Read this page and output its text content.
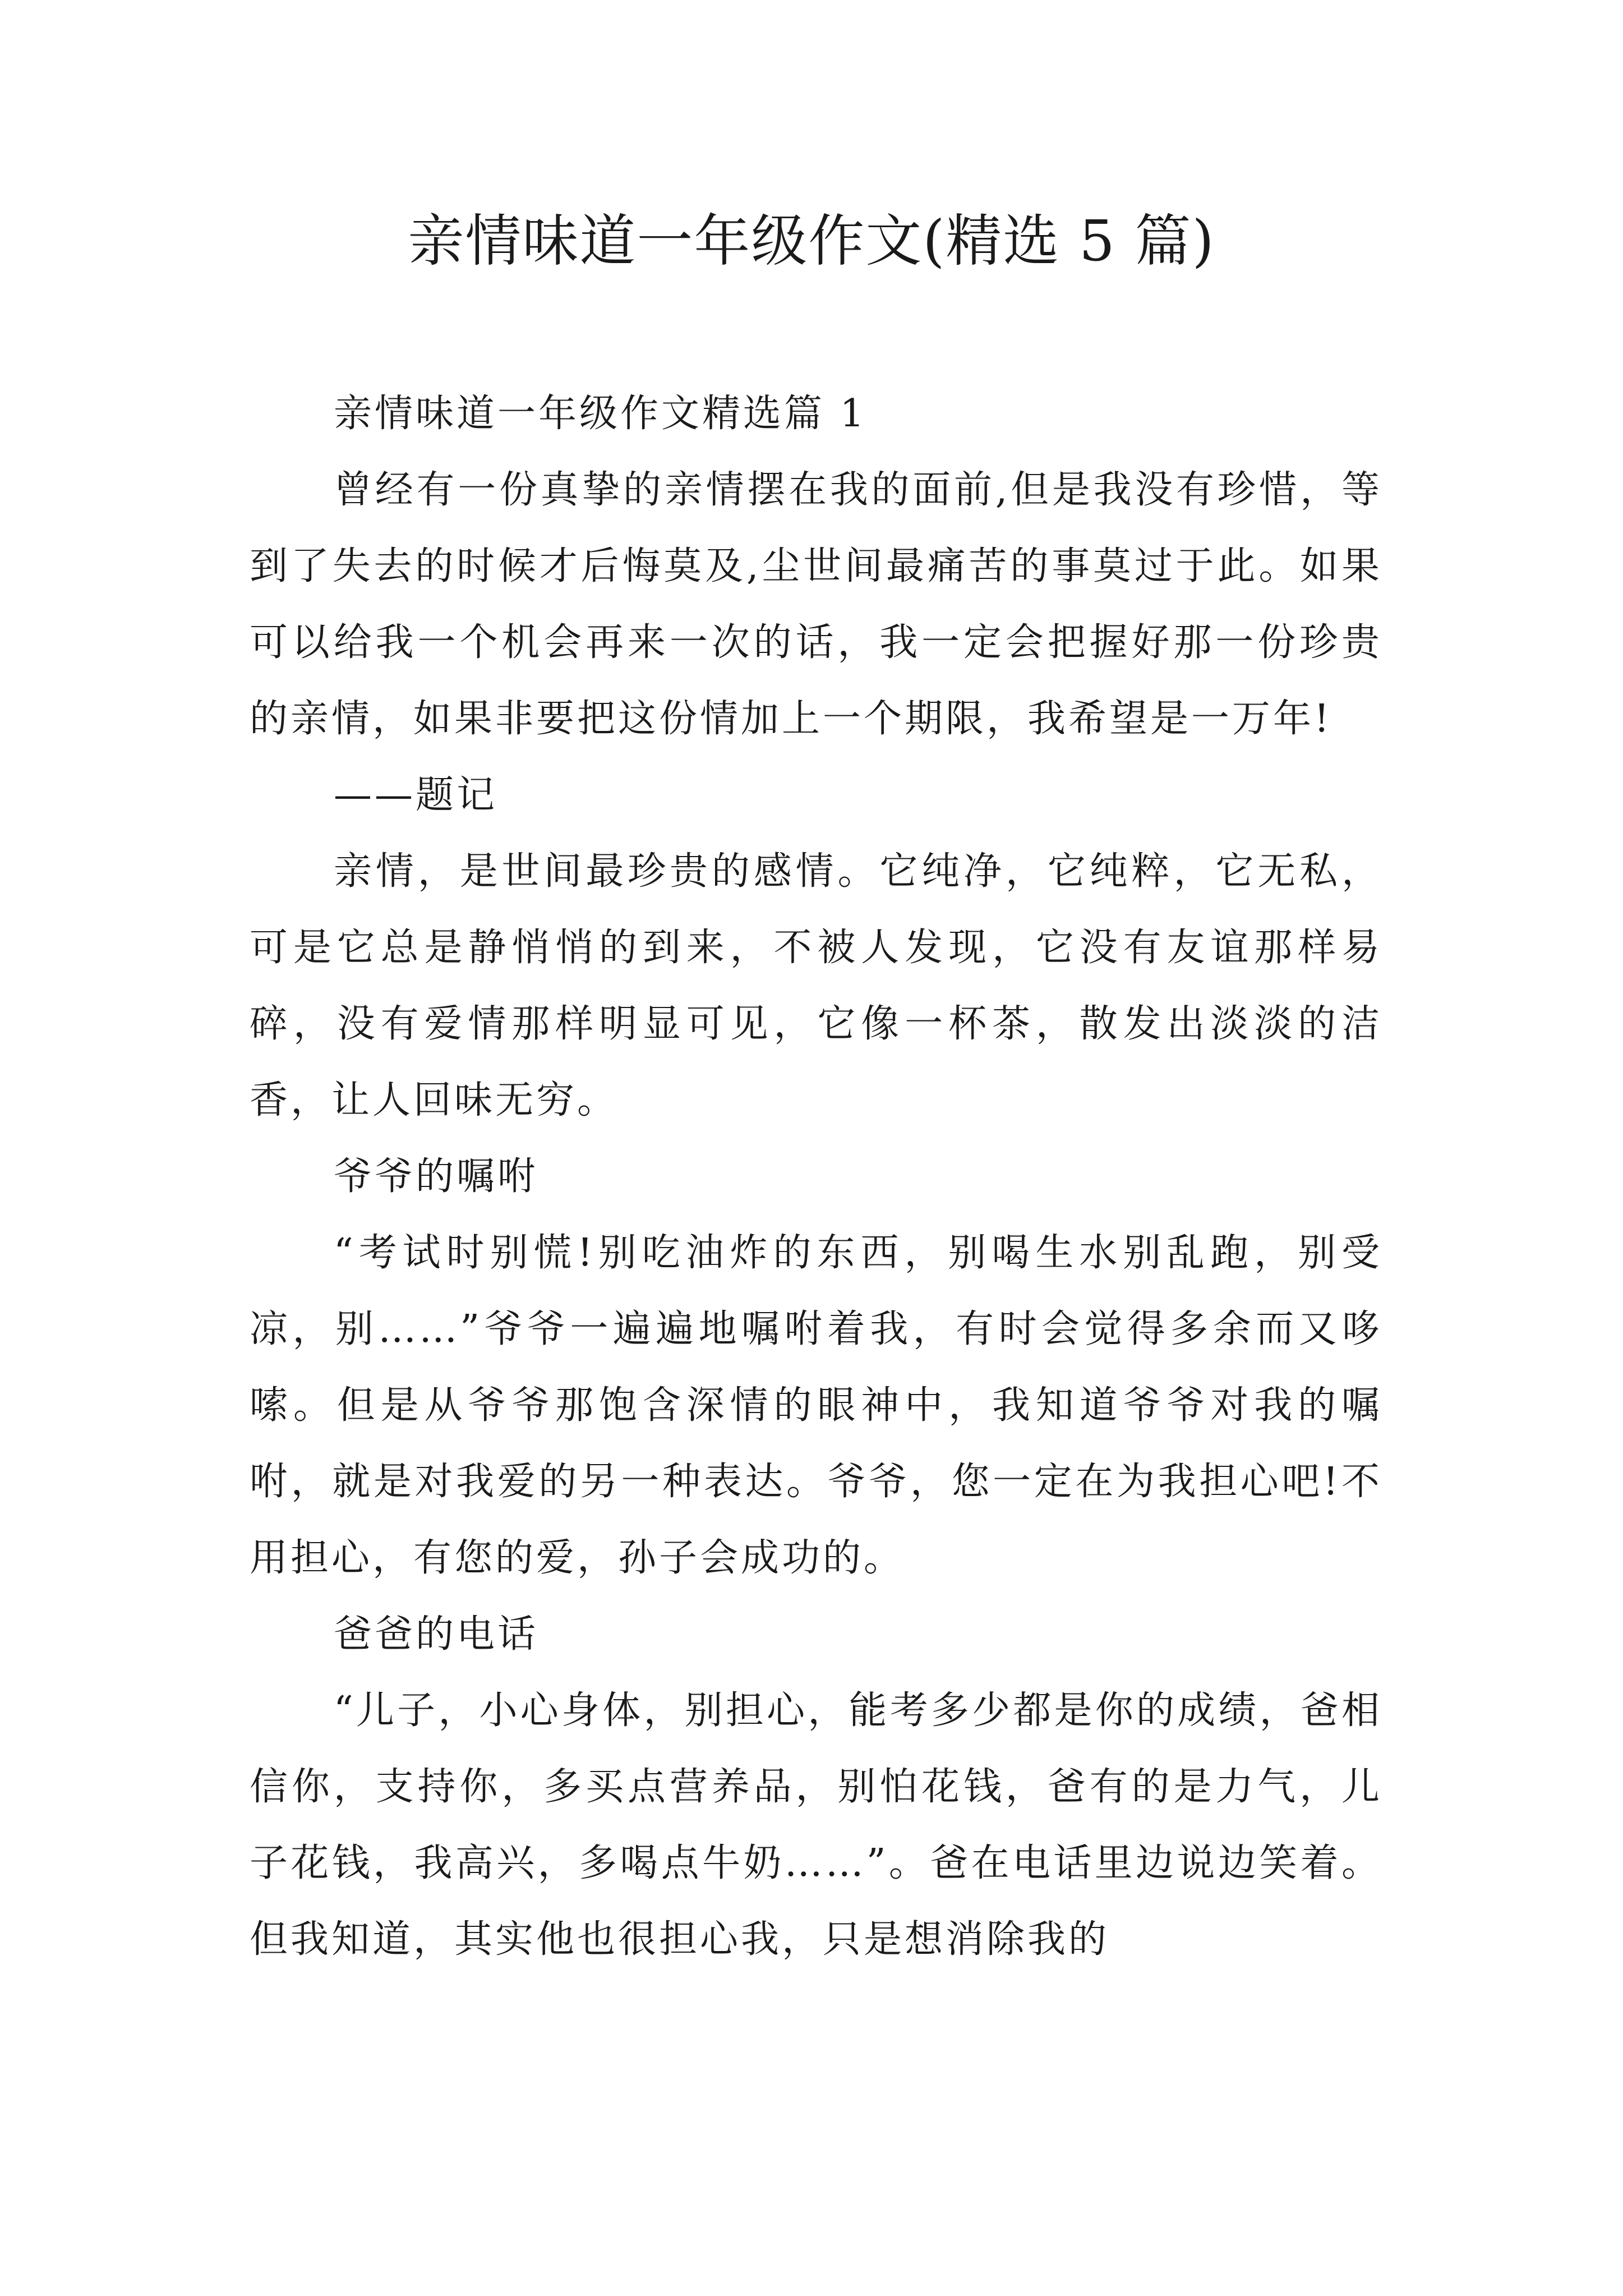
亲情味道一年级作文(精选 5 篇)

亲情味道一年级作文精选篇 1

曾经有一份真挚的亲情摆在我的面前,但是我没有珍惜，等到了失去的时候才后悔莫及,尘世间最痛苦的事莫过于此。如果可以给我一个机会再来一次的话，我一定会把握好那一份珍贵的亲情，如果非要把这份情加上一个期限，我希望是一万年!

——题记

亲情，是世间最珍贵的感情。它纯净，它纯粹，它无私，可是它总是静悄悄的到来，不被人发现，它没有友谊那样易碎，没有爱情那样明显可见，它像一杯茶，散发出淡淡的洁香，让人回味无穷。

爷爷的嘱咐

“考试时别慌!别吃油炸的东西，别喝生水别乱跑，别受凉，别……”爷爷一遍遍地嘱咐着我，有时会觉得多余而又哆嗦。但是从爷爷那饱含深情的眼神中，我知道爷爷对我的嘱咐，就是对我爱的另一种表达。爷爷，您一定在为我担心吧!不用担心，有您的爱，孙子会成功的。

爸爸的电话

“儿子，小心身体，别担心，能考多少都是你的成绩，爸相信你，支持你，多买点营养品，别怕花钱，爸有的是力气，儿子花钱，我高兴，多喝点牛奶……”。爸在电话里边说边笑着。但我知道，其实他也很担心我，只是想消除我的
